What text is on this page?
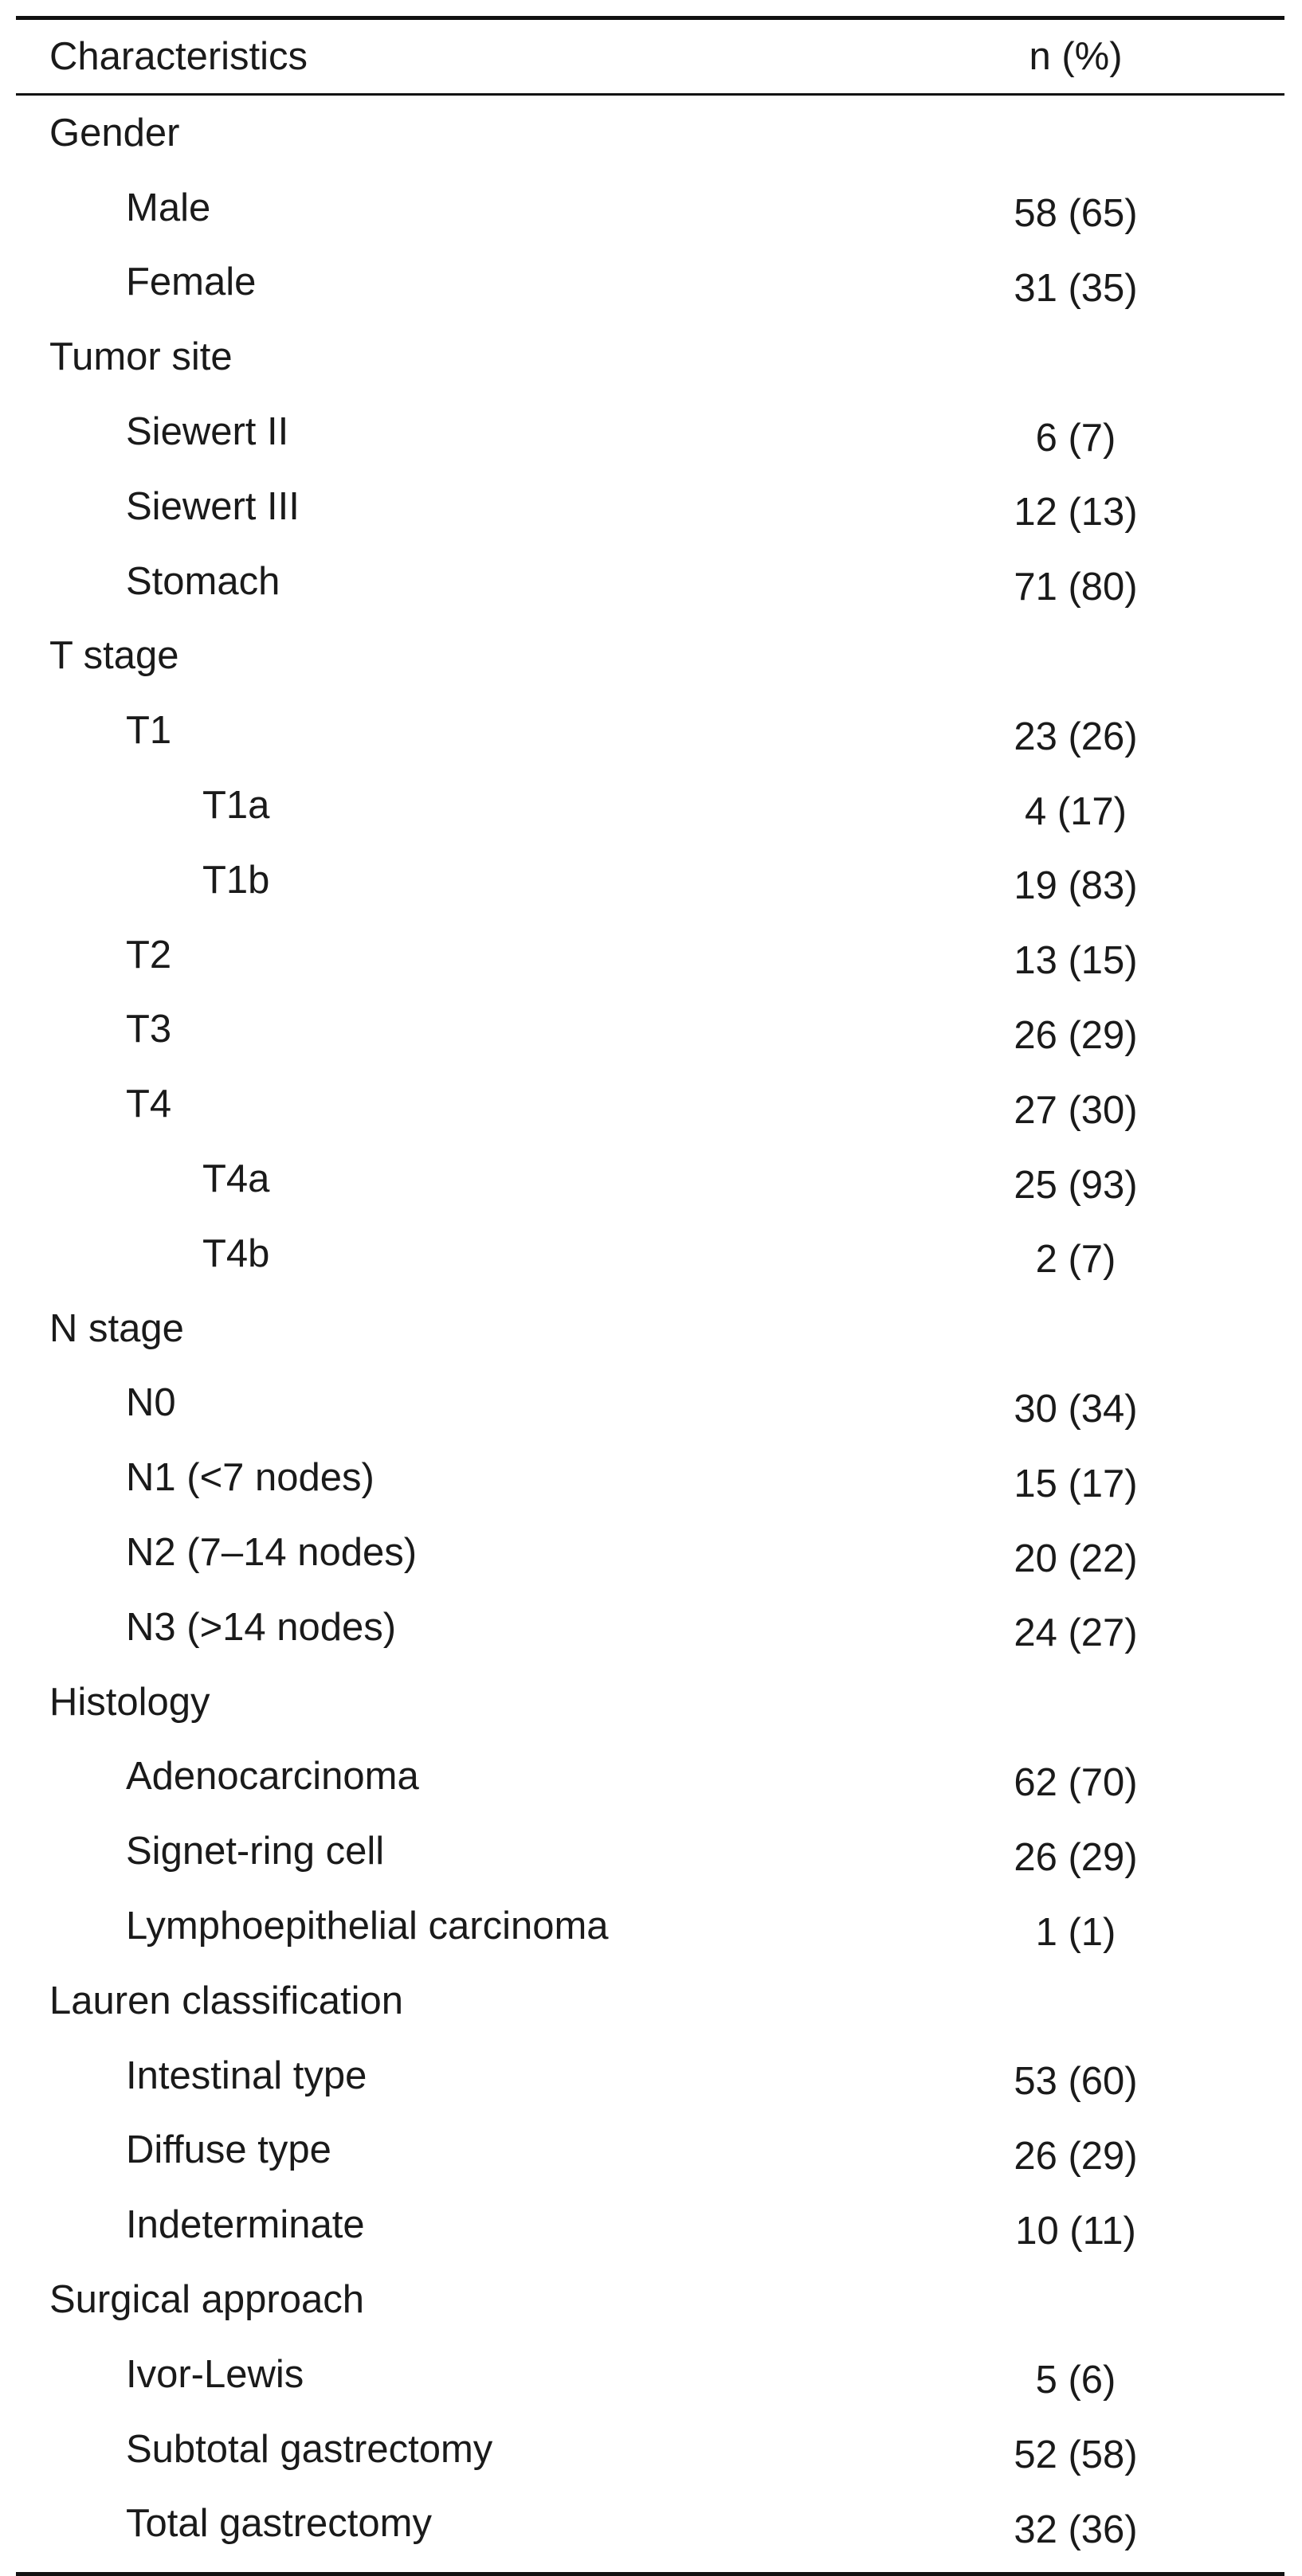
Characteristics	n (%)
Gender
Male	58 (65)
Female	31 (35)
Tumor site
Siewert II	6 (7)
Siewert III	12 (13)
Stomach	71 (80)
T stage
T1	23 (26)
T1a	4 (17)
T1b	19 (83)
T2	13 (15)
T3	26 (29)
T4	27 (30)
T4a	25 (93)
T4b	2 (7)
N stage
N0	30 (34)
N1 (<7 nodes)	15 (17)
N2 (7–14 nodes)	20 (22)
N3 (>14 nodes)	24 (27)
Histology
Adenocarcinoma	62 (70)
Signet-ring cell	26 (29)
Lymphoepithelial carcinoma	1 (1)
Lauren classification
Intestinal type	53 (60)
Diffuse type	26 (29)
Indeterminate	10 (11)
Surgical approach
Ivor-Lewis	5 (6)
Subtotal gastrectomy	52 (58)
Total gastrectomy	32 (36)
